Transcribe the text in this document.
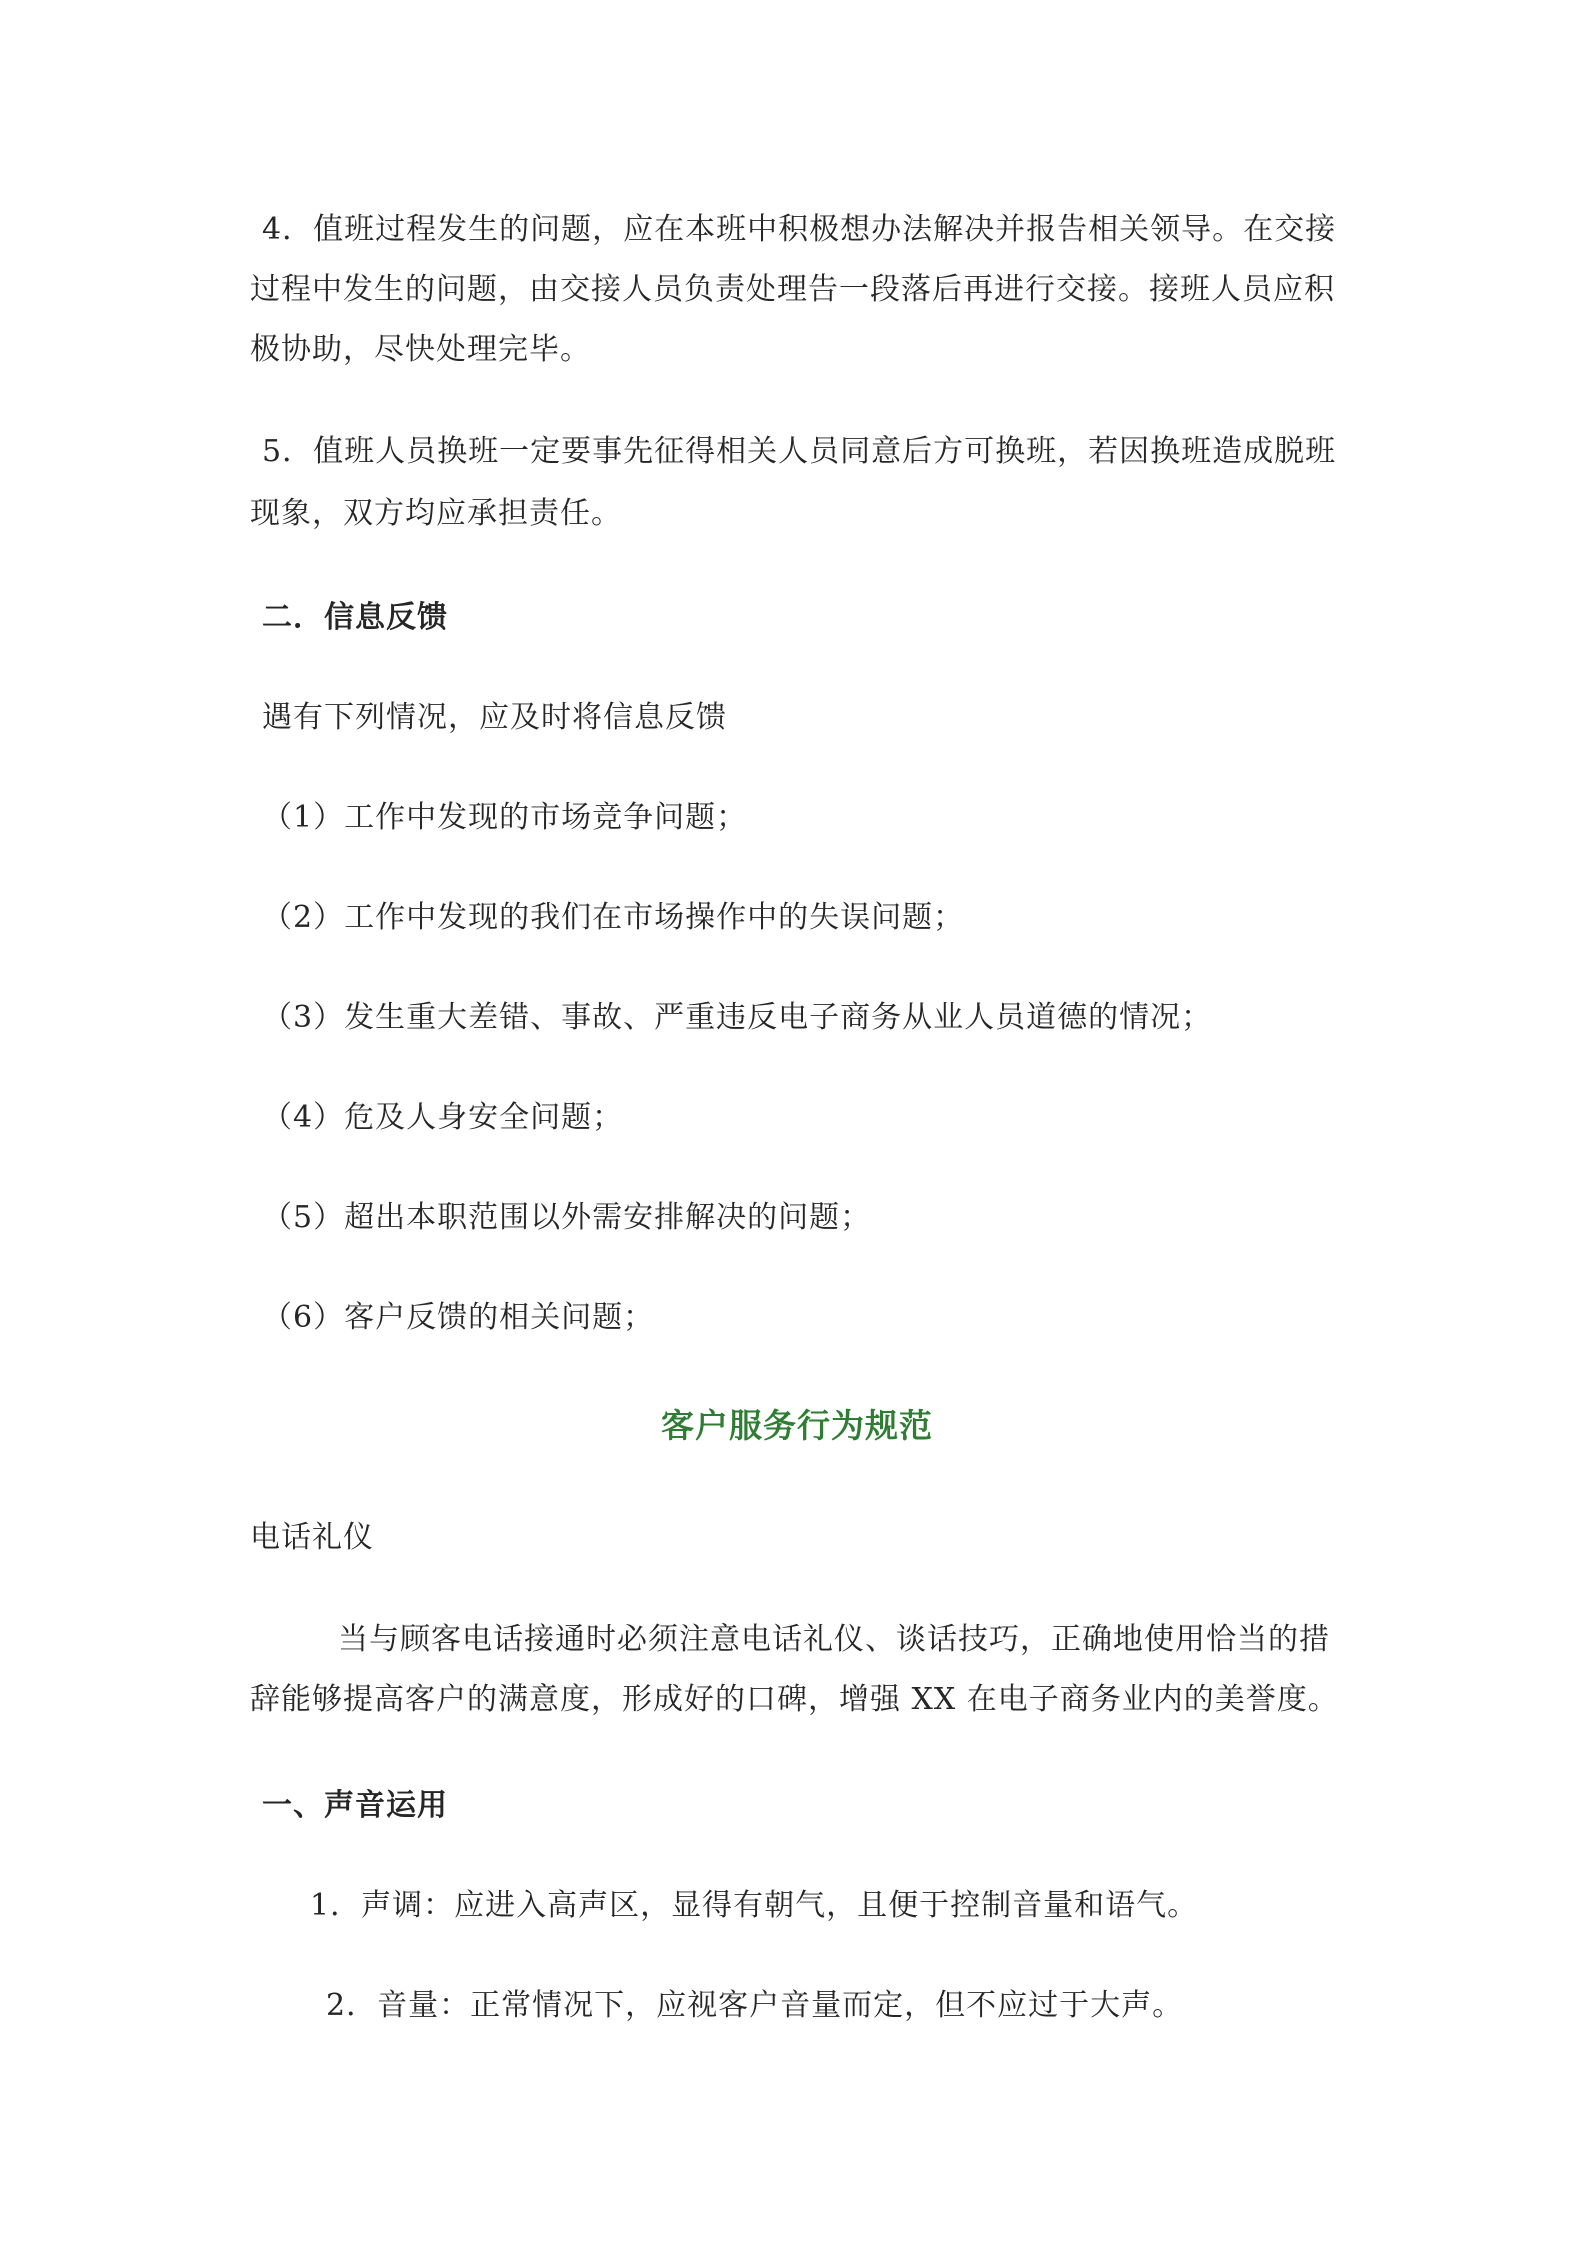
4．值班过程发生的问题，应在本班中积极想办法解决并报告相关领导。在交接
过程中发生的问题，由交接人员负责处理告一段落后再进行交接。接班人员应积
极协助，尽快处理完毕。
5．值班人员换班一定要事先征得相关人员同意后方可换班，若因换班造成脱班
现象，双方均应承担责任。
二．信息反馈
遇有下列情况，应及时将信息反馈
（1）工作中发现的市场竞争问题；
（2）工作中发现的我们在市场操作中的失误问题；
（3）发生重大差错、事故、严重违反电子商务从业人员道德的情况；
（4）危及人身安全问题；
（5）超出本职范围以外需安排解决的问题；
（6）客户反馈的相关问题；
客户服务行为规范
电话礼仪
当与顾客电话接通时必须注意电话礼仪、谈话技巧，正确地使用恰当的措
辞能够提高客户的满意度，形成好的口碑，增强 XX 在电子商务业内的美誉度。
一、声音运用
1．声调：应进入高声区，显得有朝气，且便于控制音量和语气。
2．音量：正常情况下，应视客户音量而定，但不应过于大声。
